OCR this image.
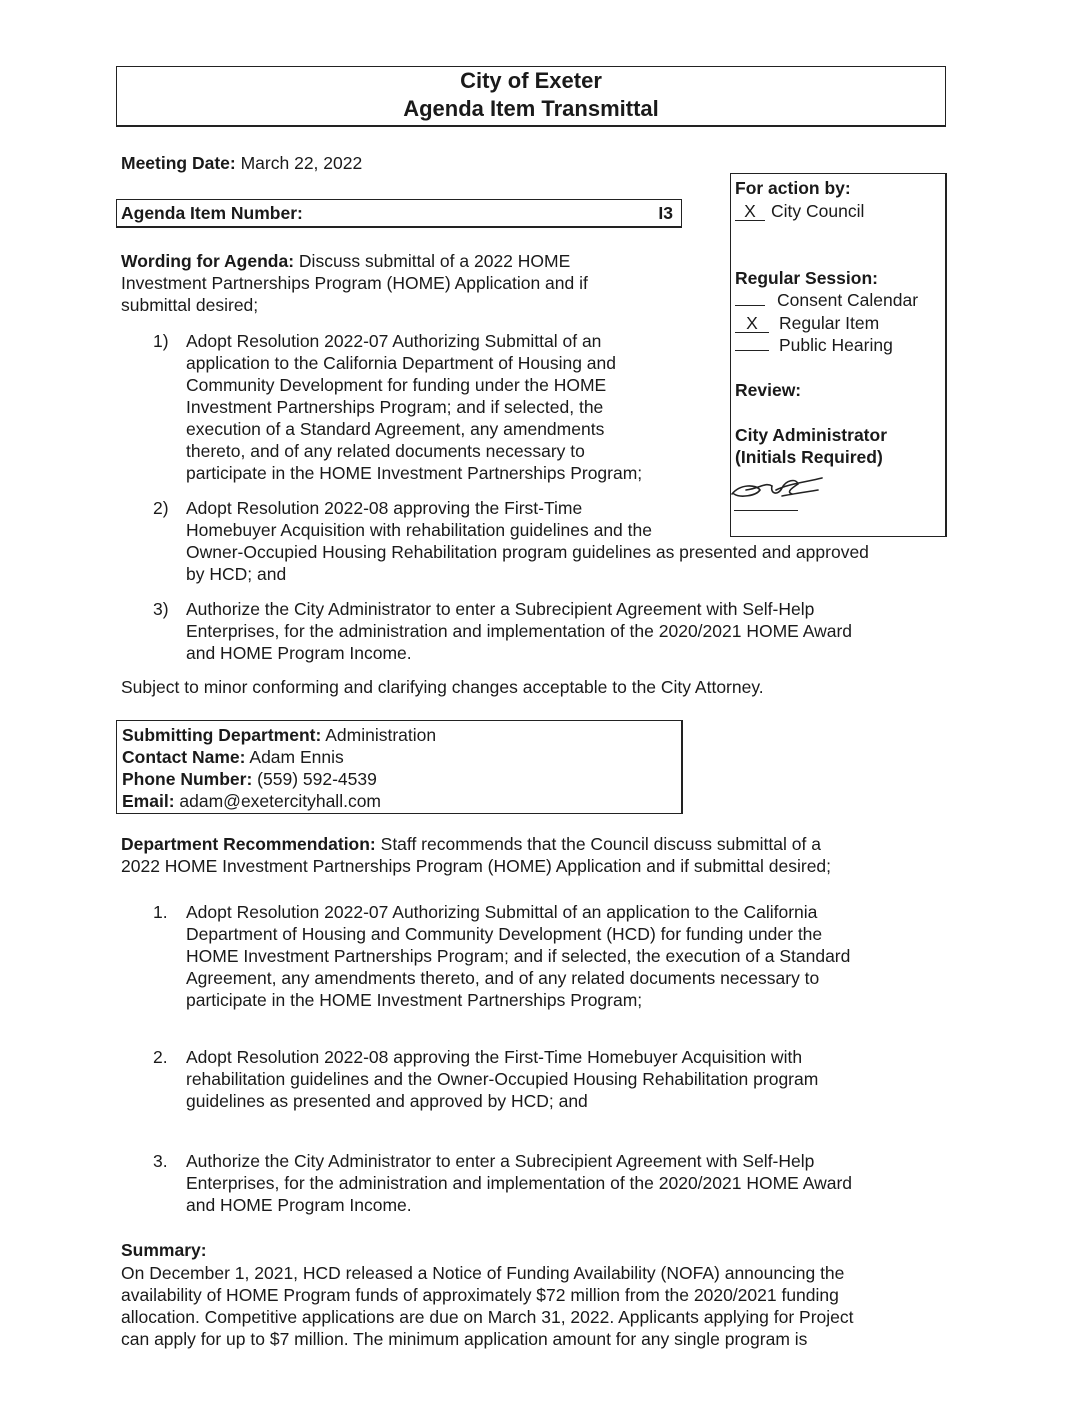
City of Exeter
Agenda Item Transmittal
Meeting Date: March 22, 2022
Agenda Item Number:	I3
For action by:
X City Council
Regular Session:
Consent Calendar
X Regular Item
Public Hearing
Review:
City Administrator
(Initials Required)
Wording for Agenda: Discuss submittal of a 2022 HOME
Investment Partnerships Program (HOME) Application and if
submittal desired;
1) Adopt Resolution 2022-07 Authorizing Submittal of an
application to the California Department of Housing and
Community Development for funding under the HOME
Investment Partnerships Program; and if selected, the
execution of a Standard Agreement, any amendments
thereto, and of any related documents necessary to
participate in the HOME Investment Partnerships Program;
2) Adopt Resolution 2022-08 approving the First-Time
Homebuyer Acquisition with rehabilitation guidelines and the
Owner-Occupied Housing Rehabilitation program guidelines as presented and approved
by HCD; and
3) Authorize the City Administrator to enter a Subrecipient Agreement with Self-Help
Enterprises, for the administration and implementation of the 2020/2021 HOME Award
and HOME Program Income.
Subject to minor conforming and clarifying changes acceptable to the City Attorney.
Submitting Department: Administration
Contact Name: Adam Ennis
Phone Number: (559) 592-4539
Email: adam@exetercityhall.com
Department Recommendation: Staff recommends that the Council discuss submittal of a
2022 HOME Investment Partnerships Program (HOME) Application and if submittal desired;
1. Adopt Resolution 2022-07 Authorizing Submittal of an application to the California
Department of Housing and Community Development (HCD) for funding under the
HOME Investment Partnerships Program; and if selected, the execution of a Standard
Agreement, any amendments thereto, and of any related documents necessary to
participate in the HOME Investment Partnerships Program;
2. Adopt Resolution 2022-08 approving the First-Time Homebuyer Acquisition with
rehabilitation guidelines and the Owner-Occupied Housing Rehabilitation program
guidelines as presented and approved by HCD; and
3. Authorize the City Administrator to enter a Subrecipient Agreement with Self-Help
Enterprises, for the administration and implementation of the 2020/2021 HOME Award
and HOME Program Income.
Summary:
On December 1, 2021, HCD released a Notice of Funding Availability (NOFA) announcing the
availability of HOME Program funds of approximately $72 million from the 2020/2021 funding
allocation. Competitive applications are due on March 31, 2022. Applicants applying for Project
can apply for up to $7 million. The minimum application amount for any single program is
